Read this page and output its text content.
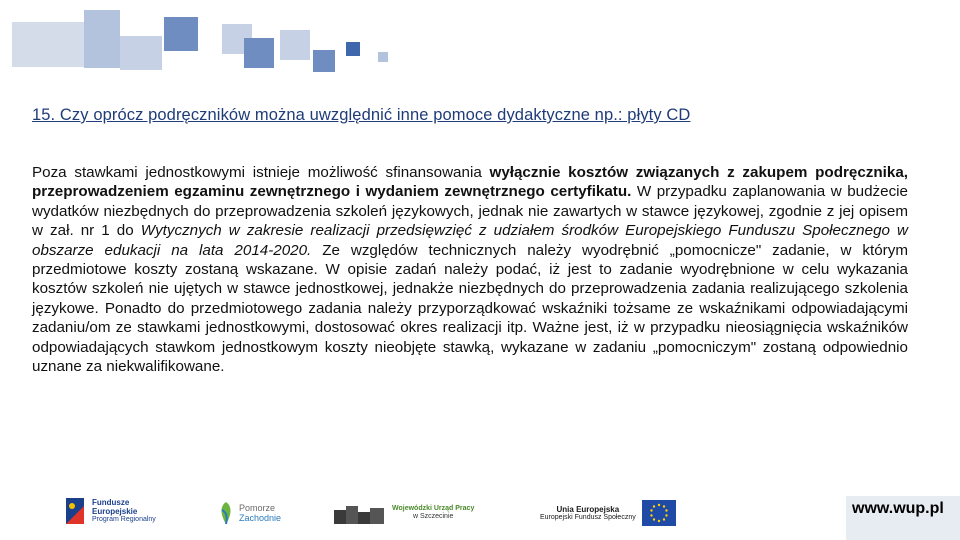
15. Czy oprócz podręczników można uwzględnić inne pomoce dydaktyczne np.: płyty CD
Poza stawkami jednostkowymi istnieje możliwość sfinansowania wyłącznie kosztów związanych z zakupem podręcznika, przeprowadzeniem egzaminu zewnętrznego i wydaniem zewnętrznego certyfikatu. W przypadku zaplanowania w budżecie wydatków niezbędnych do przeprowadzenia szkoleń językowych, jednak nie zawartych w stawce językowej, zgodnie z jej opisem w zał. nr 1 do Wytycznych w zakresie realizacji przedsięwzięć z udziałem środków Europejskiego Funduszu Społecznego w obszarze edukacji na lata 2014-2020. Ze względów technicznych należy wyodrębnić „pomocnicze" zadanie, w którym przedmiotowe koszty zostaną wskazane. W opisie zadań należy podać, iż jest to zadanie wyodrębnione w celu wykazania kosztów szkoleń nie ujętych w stawce jednostkowej, jednakże niezbędnych do przeprowadzenia zadania realizującego szkolenia językowe. Ponadto do przedmiotowego zadania należy przyporządkować wskaźniki tożsame ze wskaźnikami odpowiadającymi zadaniu/om ze stawkami jednostkowymi, dostosować okres realizacji itp. Ważne jest, iż w przypadku nieosiągnięcia wskaźników odpowiadających stawkom jednostkowym koszty nieobjęte stawką, wykazane w zadaniu „pomocniczym" zostaną odpowiednio uznane za niekwalifikowane.
Fundusze
Europejskie
Program Regionalny
Pomorze
Zachodnie
Wojewódzki Urząd Pracy
w Szczecinie
Unia Europejska
Europejski Fundusz Społeczny	www.wup.pl
